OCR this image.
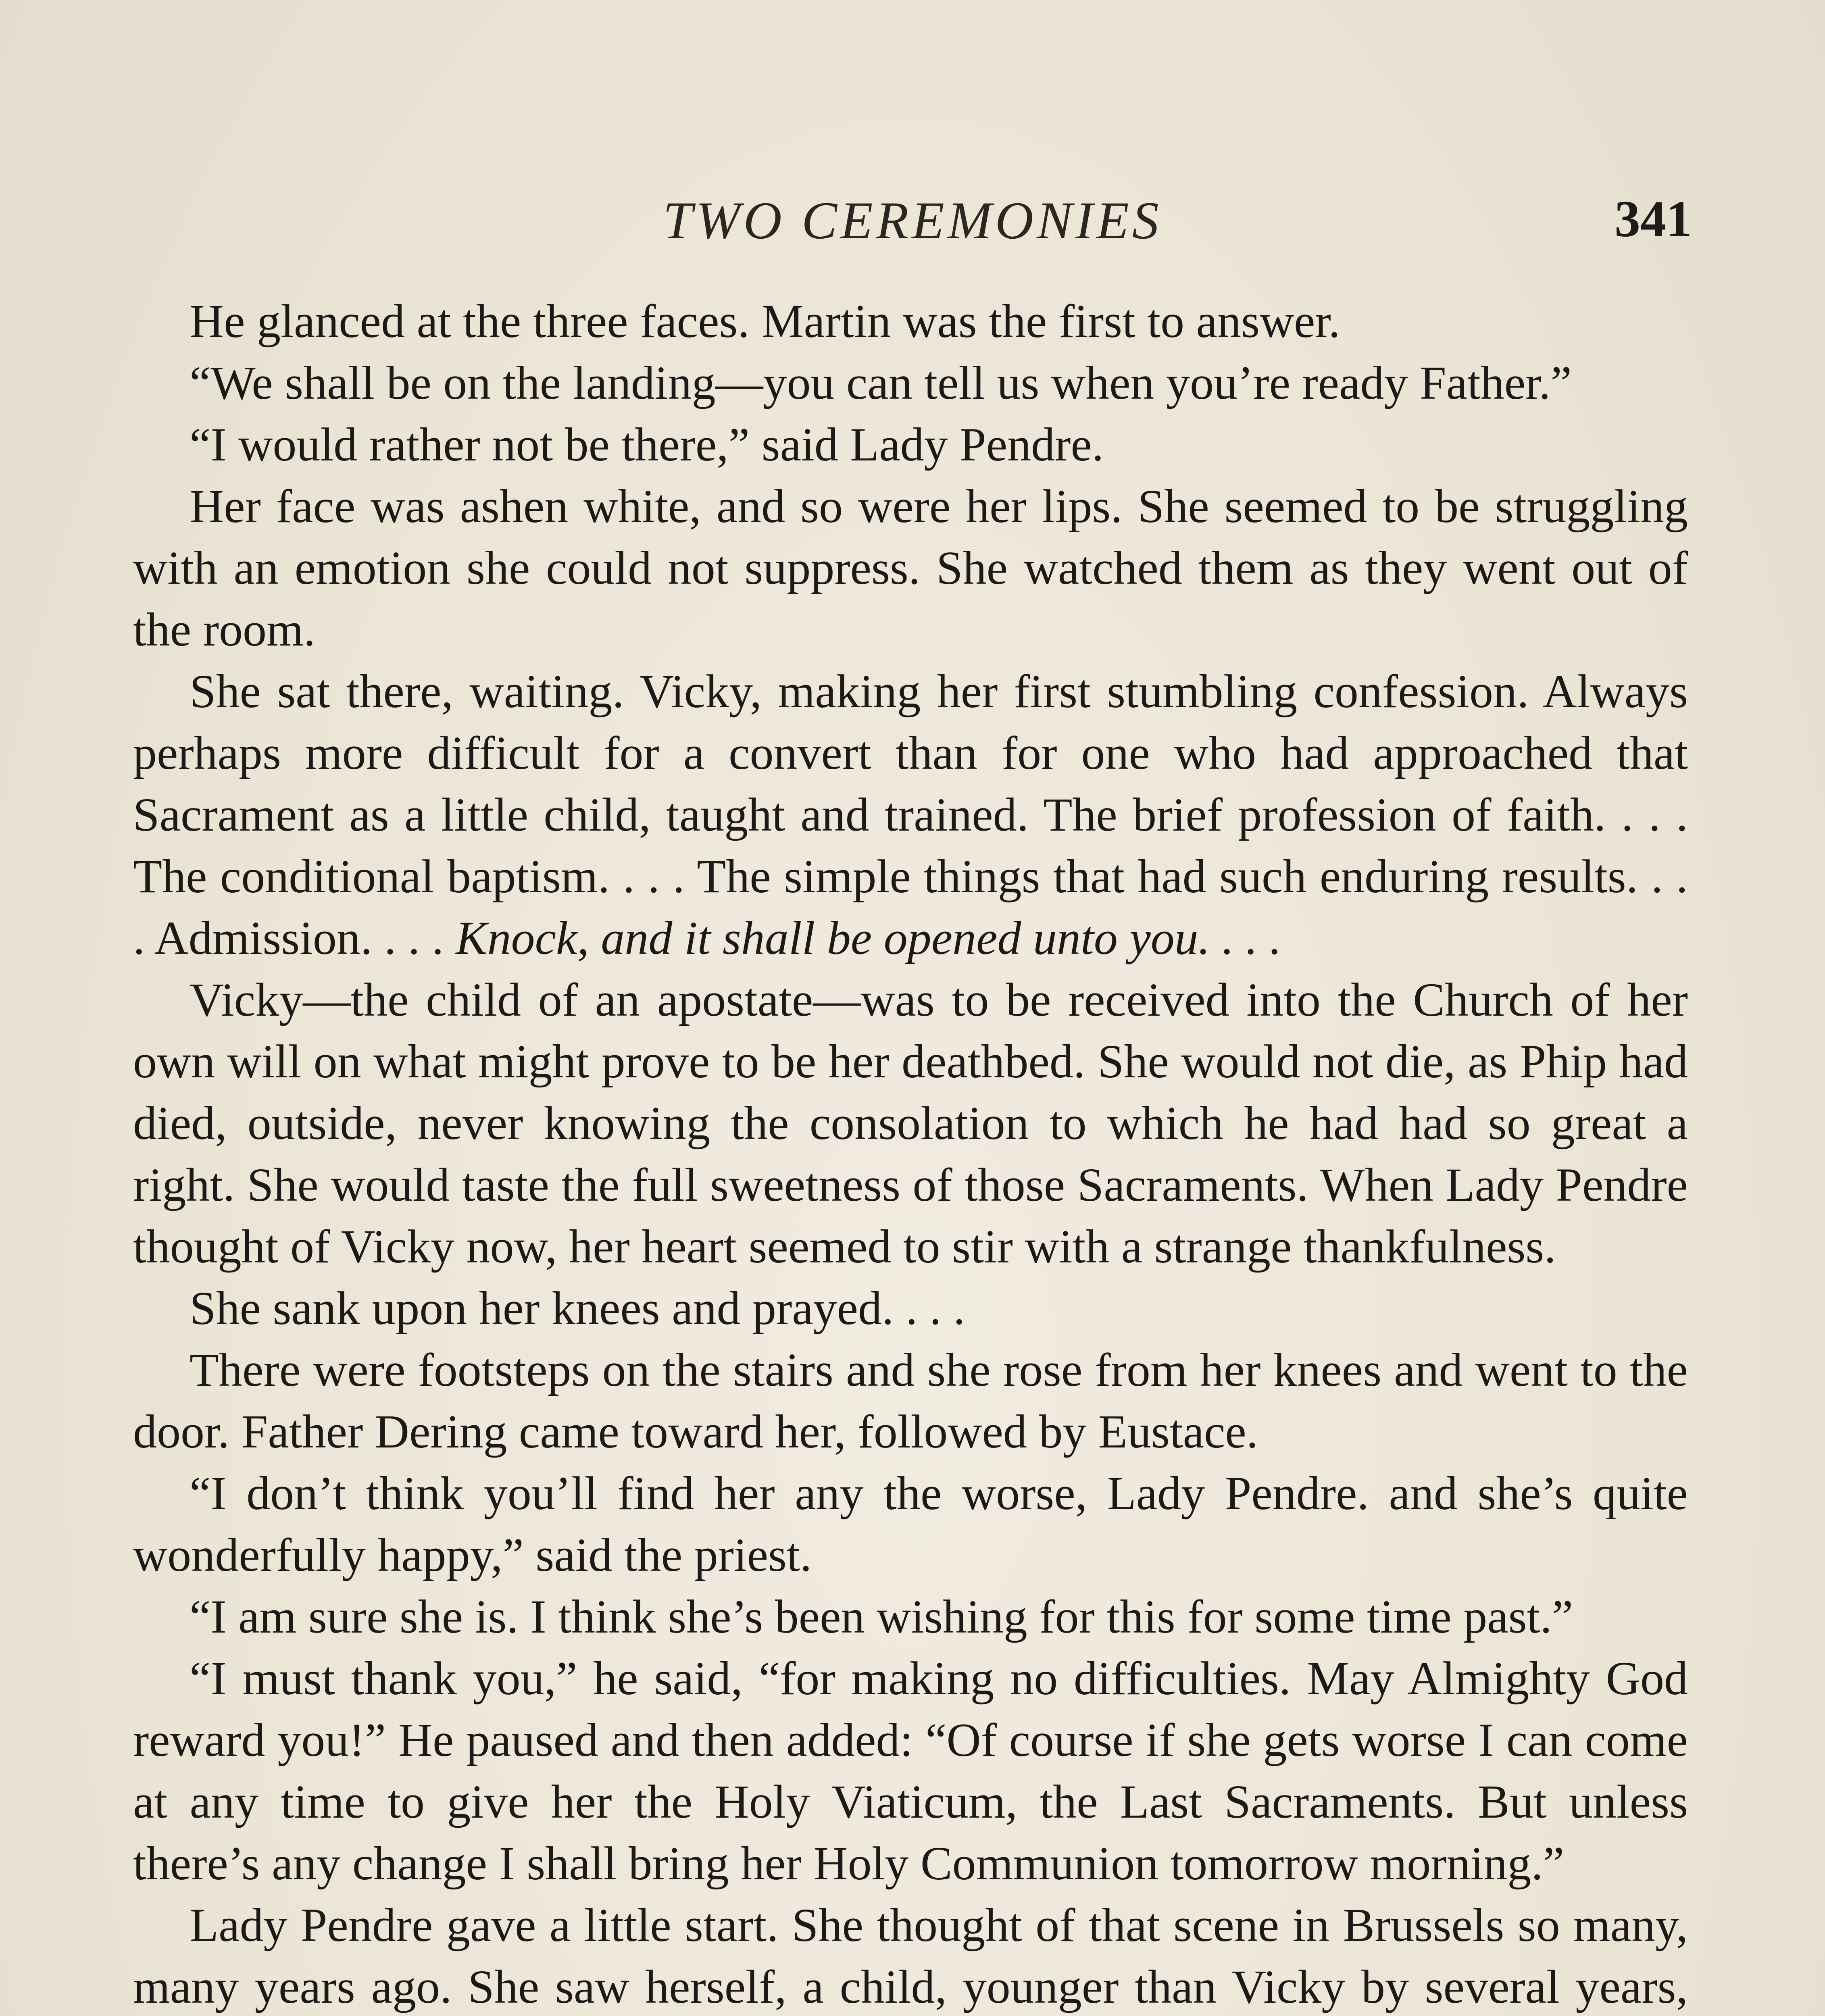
TWO CEREMONIES	341

He glanced at the three faces. Martin was the first to answer.

“We shall be on the landing—you can tell us when you’re ready Father.”

“I would rather not be there,” said Lady Pendre.

Her face was ashen white, and so were her lips. She seemed to be struggling with an emotion she could not suppress. She watched them as they went out of the room.

She sat there, waiting. Vicky, making her first stumbling confession. Always perhaps more difficult for a convert than for one who had approached that Sacrament as a little child, taught and trained. The brief profession of faith. . . . The conditional baptism. . . . The simple things that had such enduring results. . . . Admission. . . . Knock, and it shall be opened unto you. . . .

Vicky—the child of an apostate—was to be received into the Church of her own will on what might prove to be her deathbed. She would not die, as Phip had died, outside, never knowing the consolation to which he had had so great a right. She would taste the full sweetness of those Sacraments. When Lady Pendre thought of Vicky now, her heart seemed to stir with a strange thankfulness.

She sank upon her knees and prayed. . . .

There were footsteps on the stairs and she rose from her knees and went to the door. Father Dering came toward her, followed by Eustace.

“I don’t think you’ll find her any the worse, Lady Pendre. and she’s quite wonderfully happy,” said the priest.

“I am sure she is. I think she’s been wishing for this for some time past.”

“I must thank you,” he said, “for making no difficulties. May Almighty God reward you!” He paused and then added: “Of course if she gets worse I can come at any time to give her the Holy Viaticum, the Last Sacraments. But unless there’s any change I shall bring her Holy Communion tomorrow morning.”

Lady Pendre gave a little start. She thought of that scene in Brussels so many, many years ago. She saw herself, a child, younger than Vicky by several years,
